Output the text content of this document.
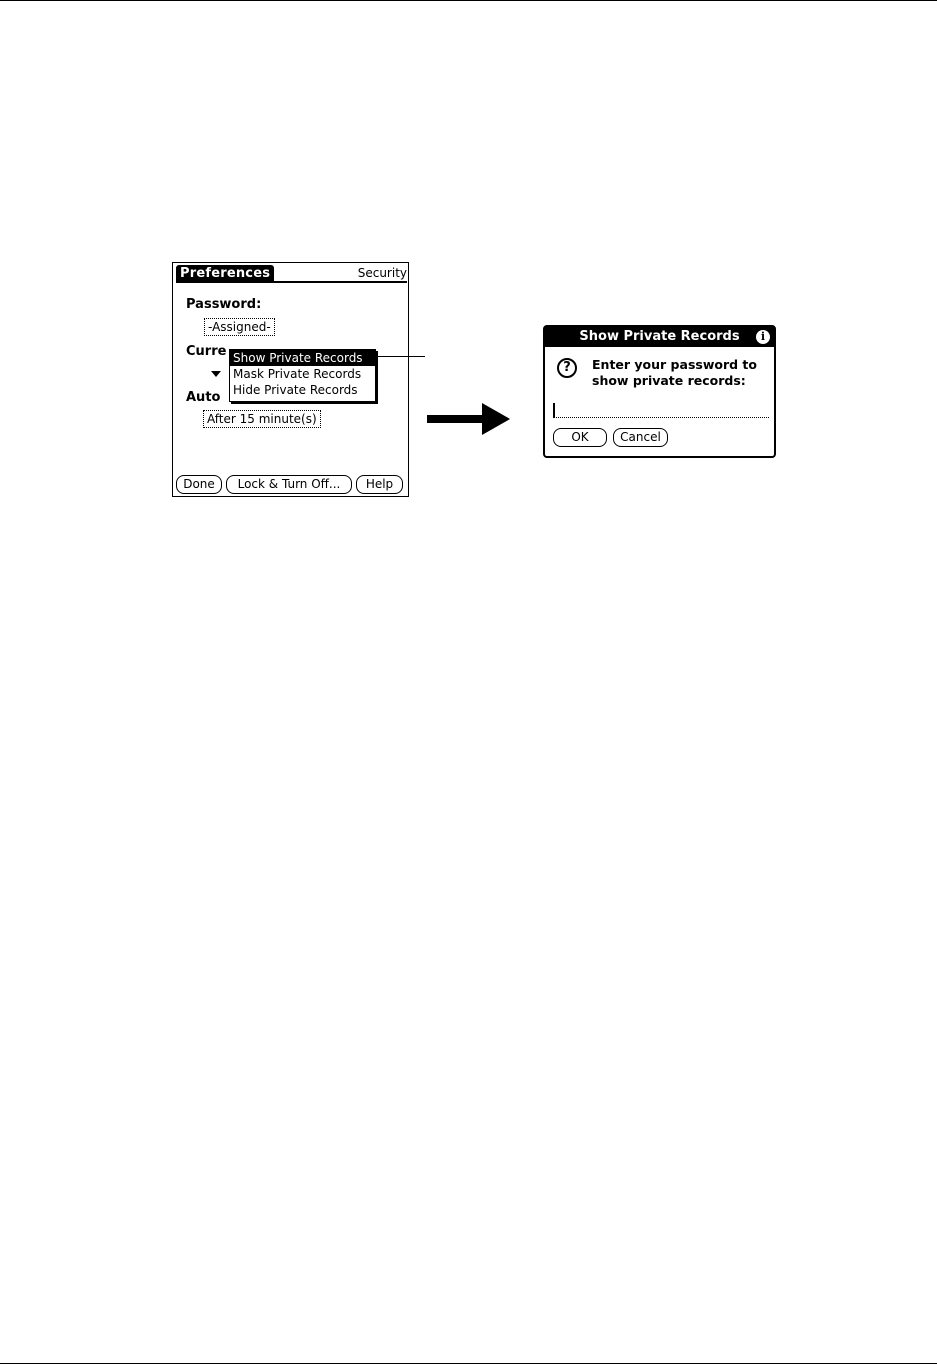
Preferences	Security
Password:
-Assigned-
Curre
Auto
After 15 minute(s)
Show Private Records
Mask Private Records
Hide Private Records
Done	Lock & Turn Off...	Help
Show Private Records	i
?	Enter your password to
show private records:
OK	Cancel
